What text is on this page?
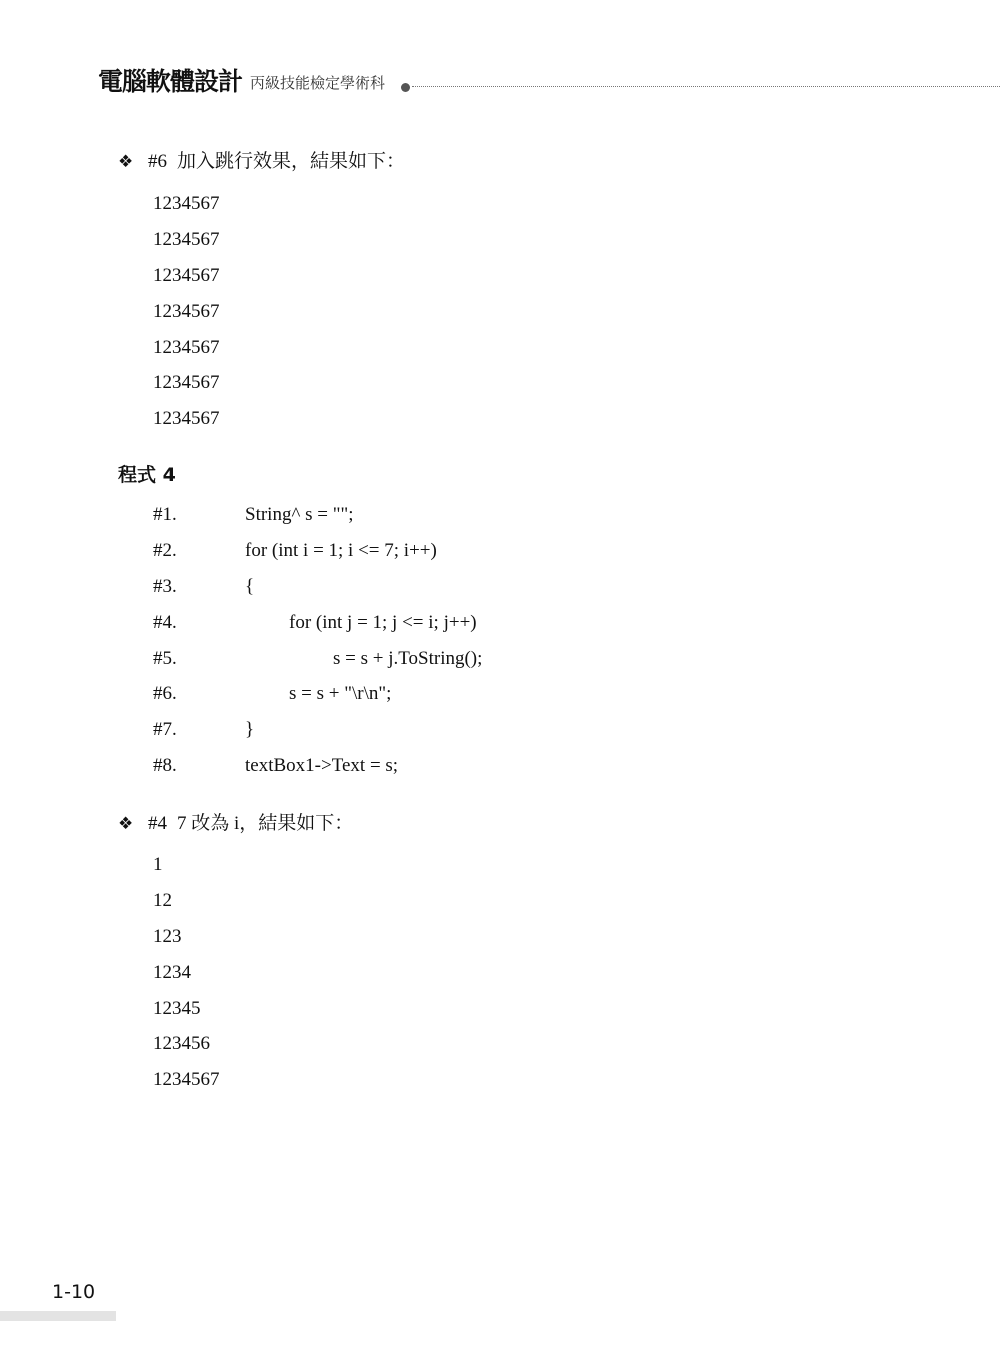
電腦軟體設計 丙級技能檢定學術科
❖ #6 加入跳行效果，結果如下：
1234567
1234567
1234567
1234567
1234567
1234567
1234567
程式 4
#1.	String^ s = "";
#2.	for (int i = 1; i <= 7; i++)
#3.	{
#4.	for (int j = 1; j <= i; j++)
#5.	s = s + j.ToString();
#6.	s = s + "\r\n";
#7.	}
#8.	textBox1->Text = s;
❖ #4 7 改為 i，結果如下：
1
12
123
1234
12345
123456
1234567
1-10
